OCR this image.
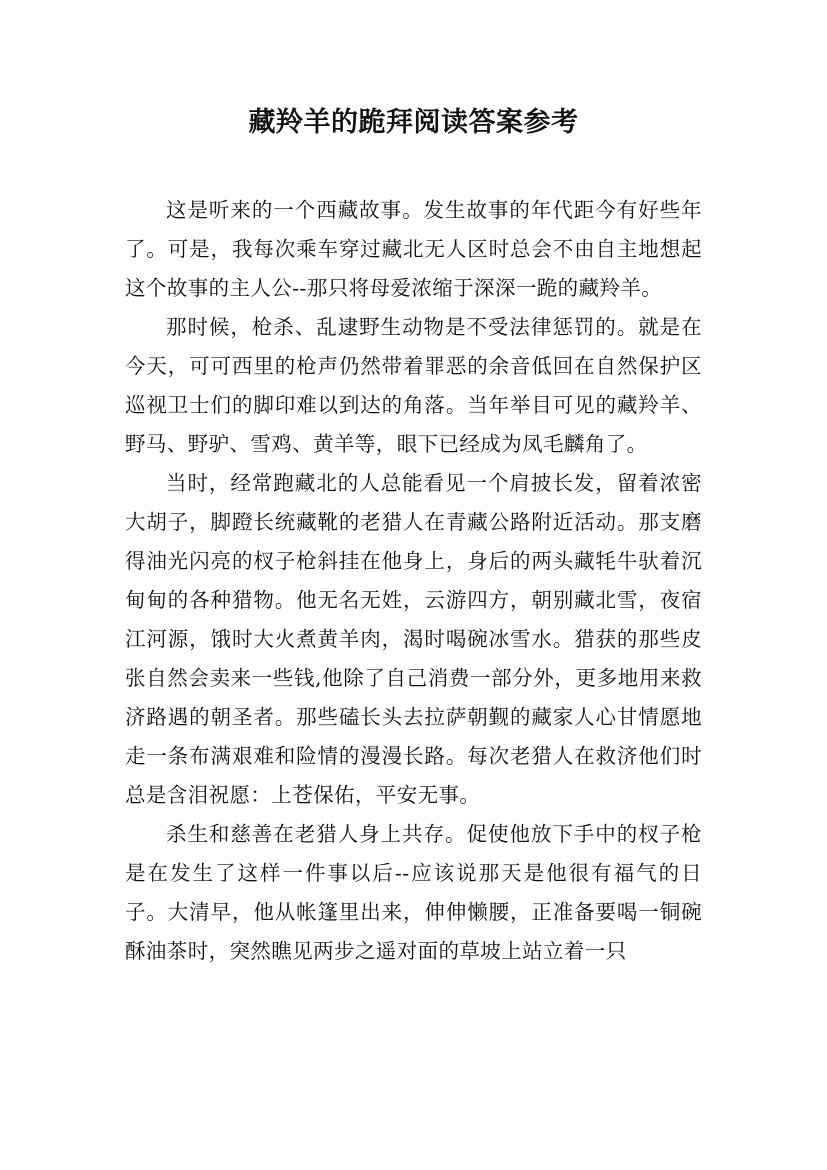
藏羚羊的跪拜阅读答案参考

这是听来的一个西藏故事。发生故事的年代距今有好些年了。可是，我每次乘车穿过藏北无人区时总会不由自主地想起这个故事的主人公--那只将母爱浓缩于深深一跪的藏羚羊。

那时候，枪杀、乱逮野生动物是不受法律惩罚的。就是在今天，可可西里的枪声仍然带着罪恶的余音低回在自然保护区巡视卫士们的脚印难以到达的角落。当年举目可见的藏羚羊、野马、野驴、雪鸡、黄羊等，眼下已经成为凤毛麟角了。

当时，经常跑藏北的人总能看见一个肩披长发，留着浓密大胡子，脚蹬长统藏靴的老猎人在青藏公路附近活动。那支磨得油光闪亮的杈子枪斜挂在他身上，身后的两头藏牦牛驮着沉甸甸的各种猎物。他无名无姓，云游四方，朝别藏北雪，夜宿江河源，饿时大火煮黄羊肉，渴时喝碗冰雪水。猎获的那些皮张自然会卖来一些钱,他除了自己消费一部分外，更多地用来救济路遇的朝圣者。那些磕长头去拉萨朝觐的藏家人心甘情愿地走一条布满艰难和险情的漫漫长路。每次老猎人在救济他们时总是含泪祝愿：上苍保佑，平安无事。

杀生和慈善在老猎人身上共存。促使他放下手中的杈子枪是在发生了这样一件事以后--应该说那天是他很有福气的日子。大清早，他从帐篷里出来，伸伸懒腰，正准备要喝一铜碗酥油茶时，突然瞧见两步之遥对面的草坡上站立着一只
